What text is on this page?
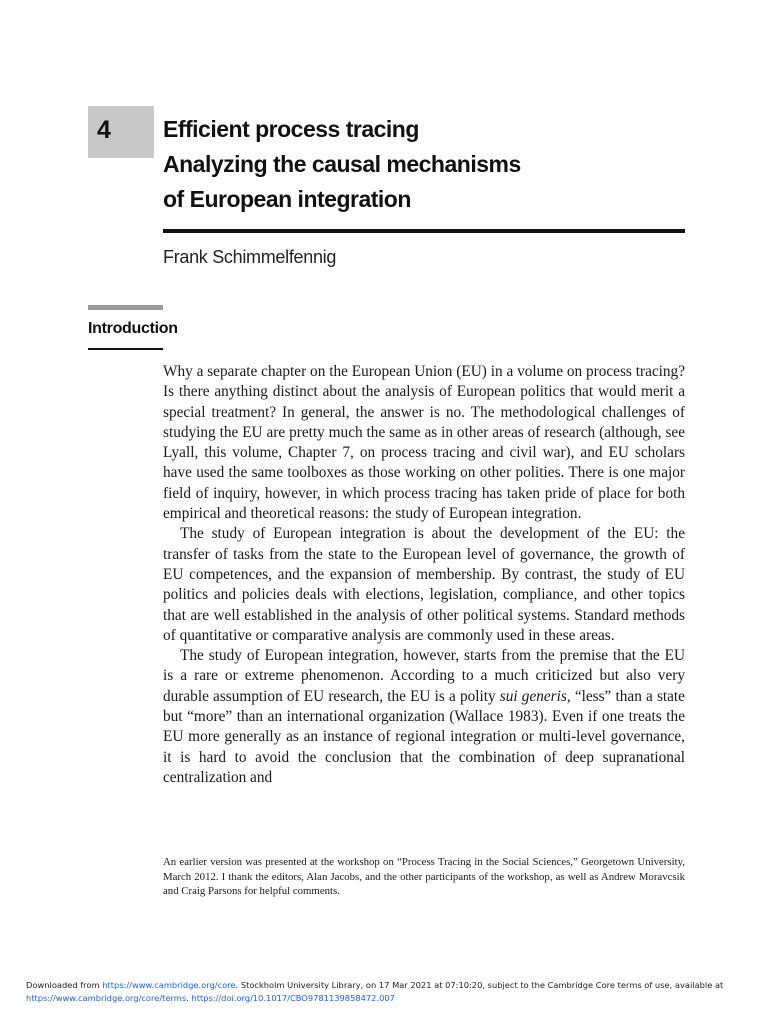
4 Efficient process tracing
Analyzing the causal mechanisms
of European integration
Frank Schimmelfennig
Introduction

Why a separate chapter on the European Union (EU) in a volume on process tracing? Is there anything distinct about the analysis of European politics that would merit a special treatment? In general, the answer is no. The methodological challenges of studying the EU are pretty much the same as in other areas of research (although, see Lyall, this volume, Chapter 7, on process tracing and civil war), and EU scholars have used the same toolboxes as those working on other polities. There is one major field of inquiry, however, in which process tracing has taken pride of place for both empirical and theoretical reasons: the study of European integration.

The study of European integration is about the development of the EU: the transfer of tasks from the state to the European level of governance, the growth of EU competences, and the expansion of membership. By contrast, the study of EU politics and policies deals with elections, legislation, compliance, and other topics that are well established in the analysis of other political systems. Standard methods of quantitative or comparative analysis are commonly used in these areas.

The study of European integration, however, starts from the premise that the EU is a rare or extreme phenomenon. According to a much criticized but also very durable assumption of EU research, the EU is a polity sui generis, “less” than a state but “more” than an international organization (Wallace 1983). Even if one treats the EU more generally as an instance of regional integration or multi-level governance, it is hard to avoid the conclusion that the combination of deep supranational centralization and

An earlier version was presented at the workshop on “Process Tracing in the Social Sciences,” Georgetown University, March 2012. I thank the editors, Alan Jacobs, and the other participants of the workshop, as well as Andrew Moravcsik and Craig Parsons for helpful comments.

Downloaded from https://www.cambridge.org/core. Stockholm University Library, on 17 Mar 2021 at 07:10:20, subject to the Cambridge Core terms of use, available at https://www.cambridge.org/core/terms. https://doi.org/10.1017/CBO9781139858472.007
